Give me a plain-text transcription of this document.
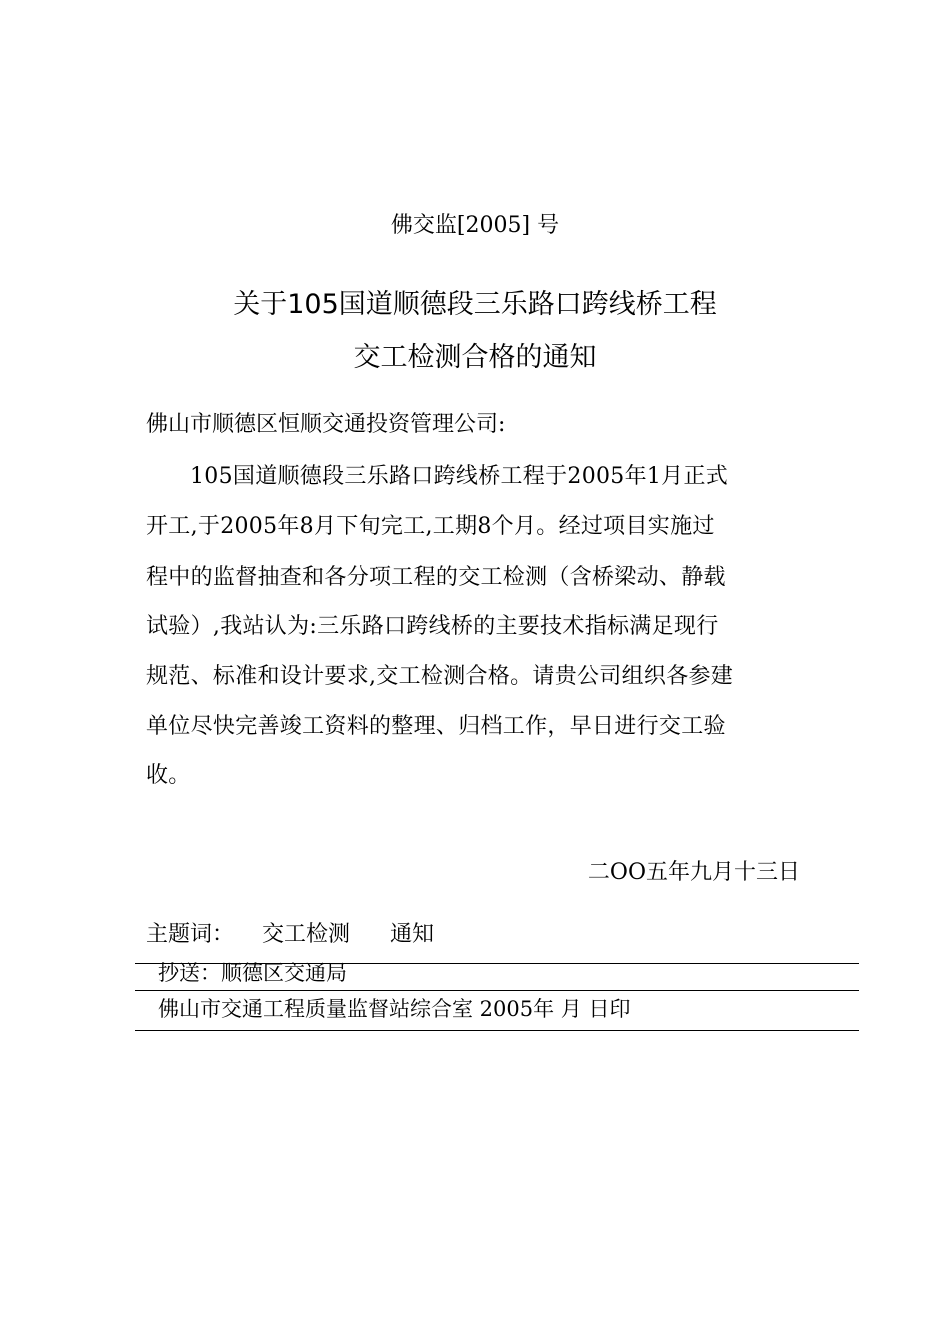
佛交监[2005] 号
关于105国道顺德段三乐路口跨线桥工程
交工检测合格的通知
佛山市顺德区恒顺交通投资管理公司:
105国道顺德段三乐路口跨线桥工程于2005年1月正式
开工,于2005年8月下旬完工,工期8个月。经过项目实施过
程中的监督抽查和各分项工程的交工检测（含桥梁动、静载
试验）,我站认为:三乐路口跨线桥的主要技术指标满足现行
规范、标准和设计要求,交工检测合格。请贵公司组织各参建
单位尽快完善竣工资料的整理、归档工作，早日进行交工验
收。
二OO五年九月十三日
主题词： 交工检测 通知
抄送：顺德区交通局
佛山市交通工程质量监督站综合室 2005年 月 日印
